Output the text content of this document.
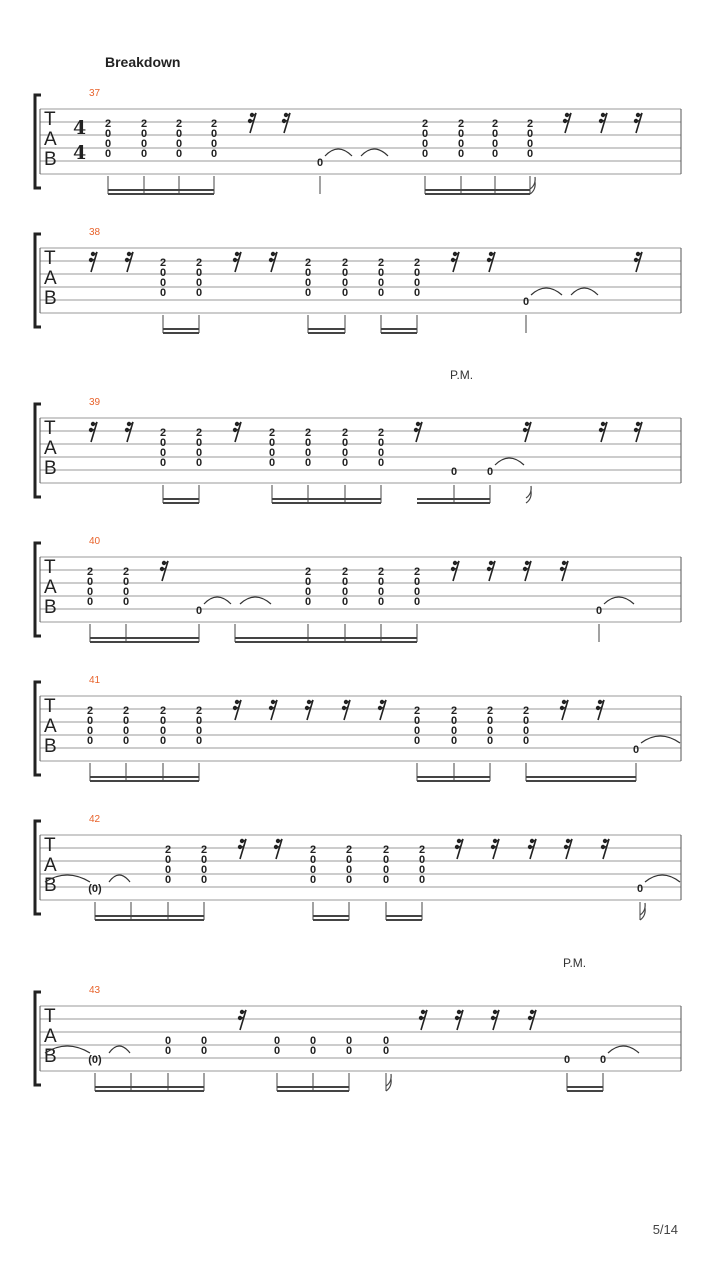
Breakdown
P.M.
P.M.
5/14
37
T
A
B
4
4
2
0
0
0
2
0
0
0
2
0
0
0
2
0
0
0
0
2
0
0
0
2
0
0
0
2
0
0
0
2
0
0
0
38
T
A
B
2
0
0
0
2
0
0
0
2
0
0
0
2
0
0
0
2
0
0
0
2
0
0
0
0
39
T
A
B
2
0
0
0
2
0
0
0
2
0
0
0
2
0
0
0
2
0
0
0
2
0
0
0
0	0
40
T
A
B
2
0
0
0
2
0
0
0
0
2
0
0
0
2
0
0
0
2
0
0
0
2
0
0
0
0
41
T
A
B
2
0
0
0
2
0
0
0
2
0
0
0
2
0
0
0
2
0
0
0
2
0
0
0
2
0
0
0
2
0
0
0
0
42
T
A
B	(0)
2
0
0
0
2
0
0
0
2
0
0
0
2
0
0
0
2
0
0
0
2
0
0
0
0
43
T
A
B	(0)
0
0
0
0
0
0
0
0
0
0
0
0
0	0
